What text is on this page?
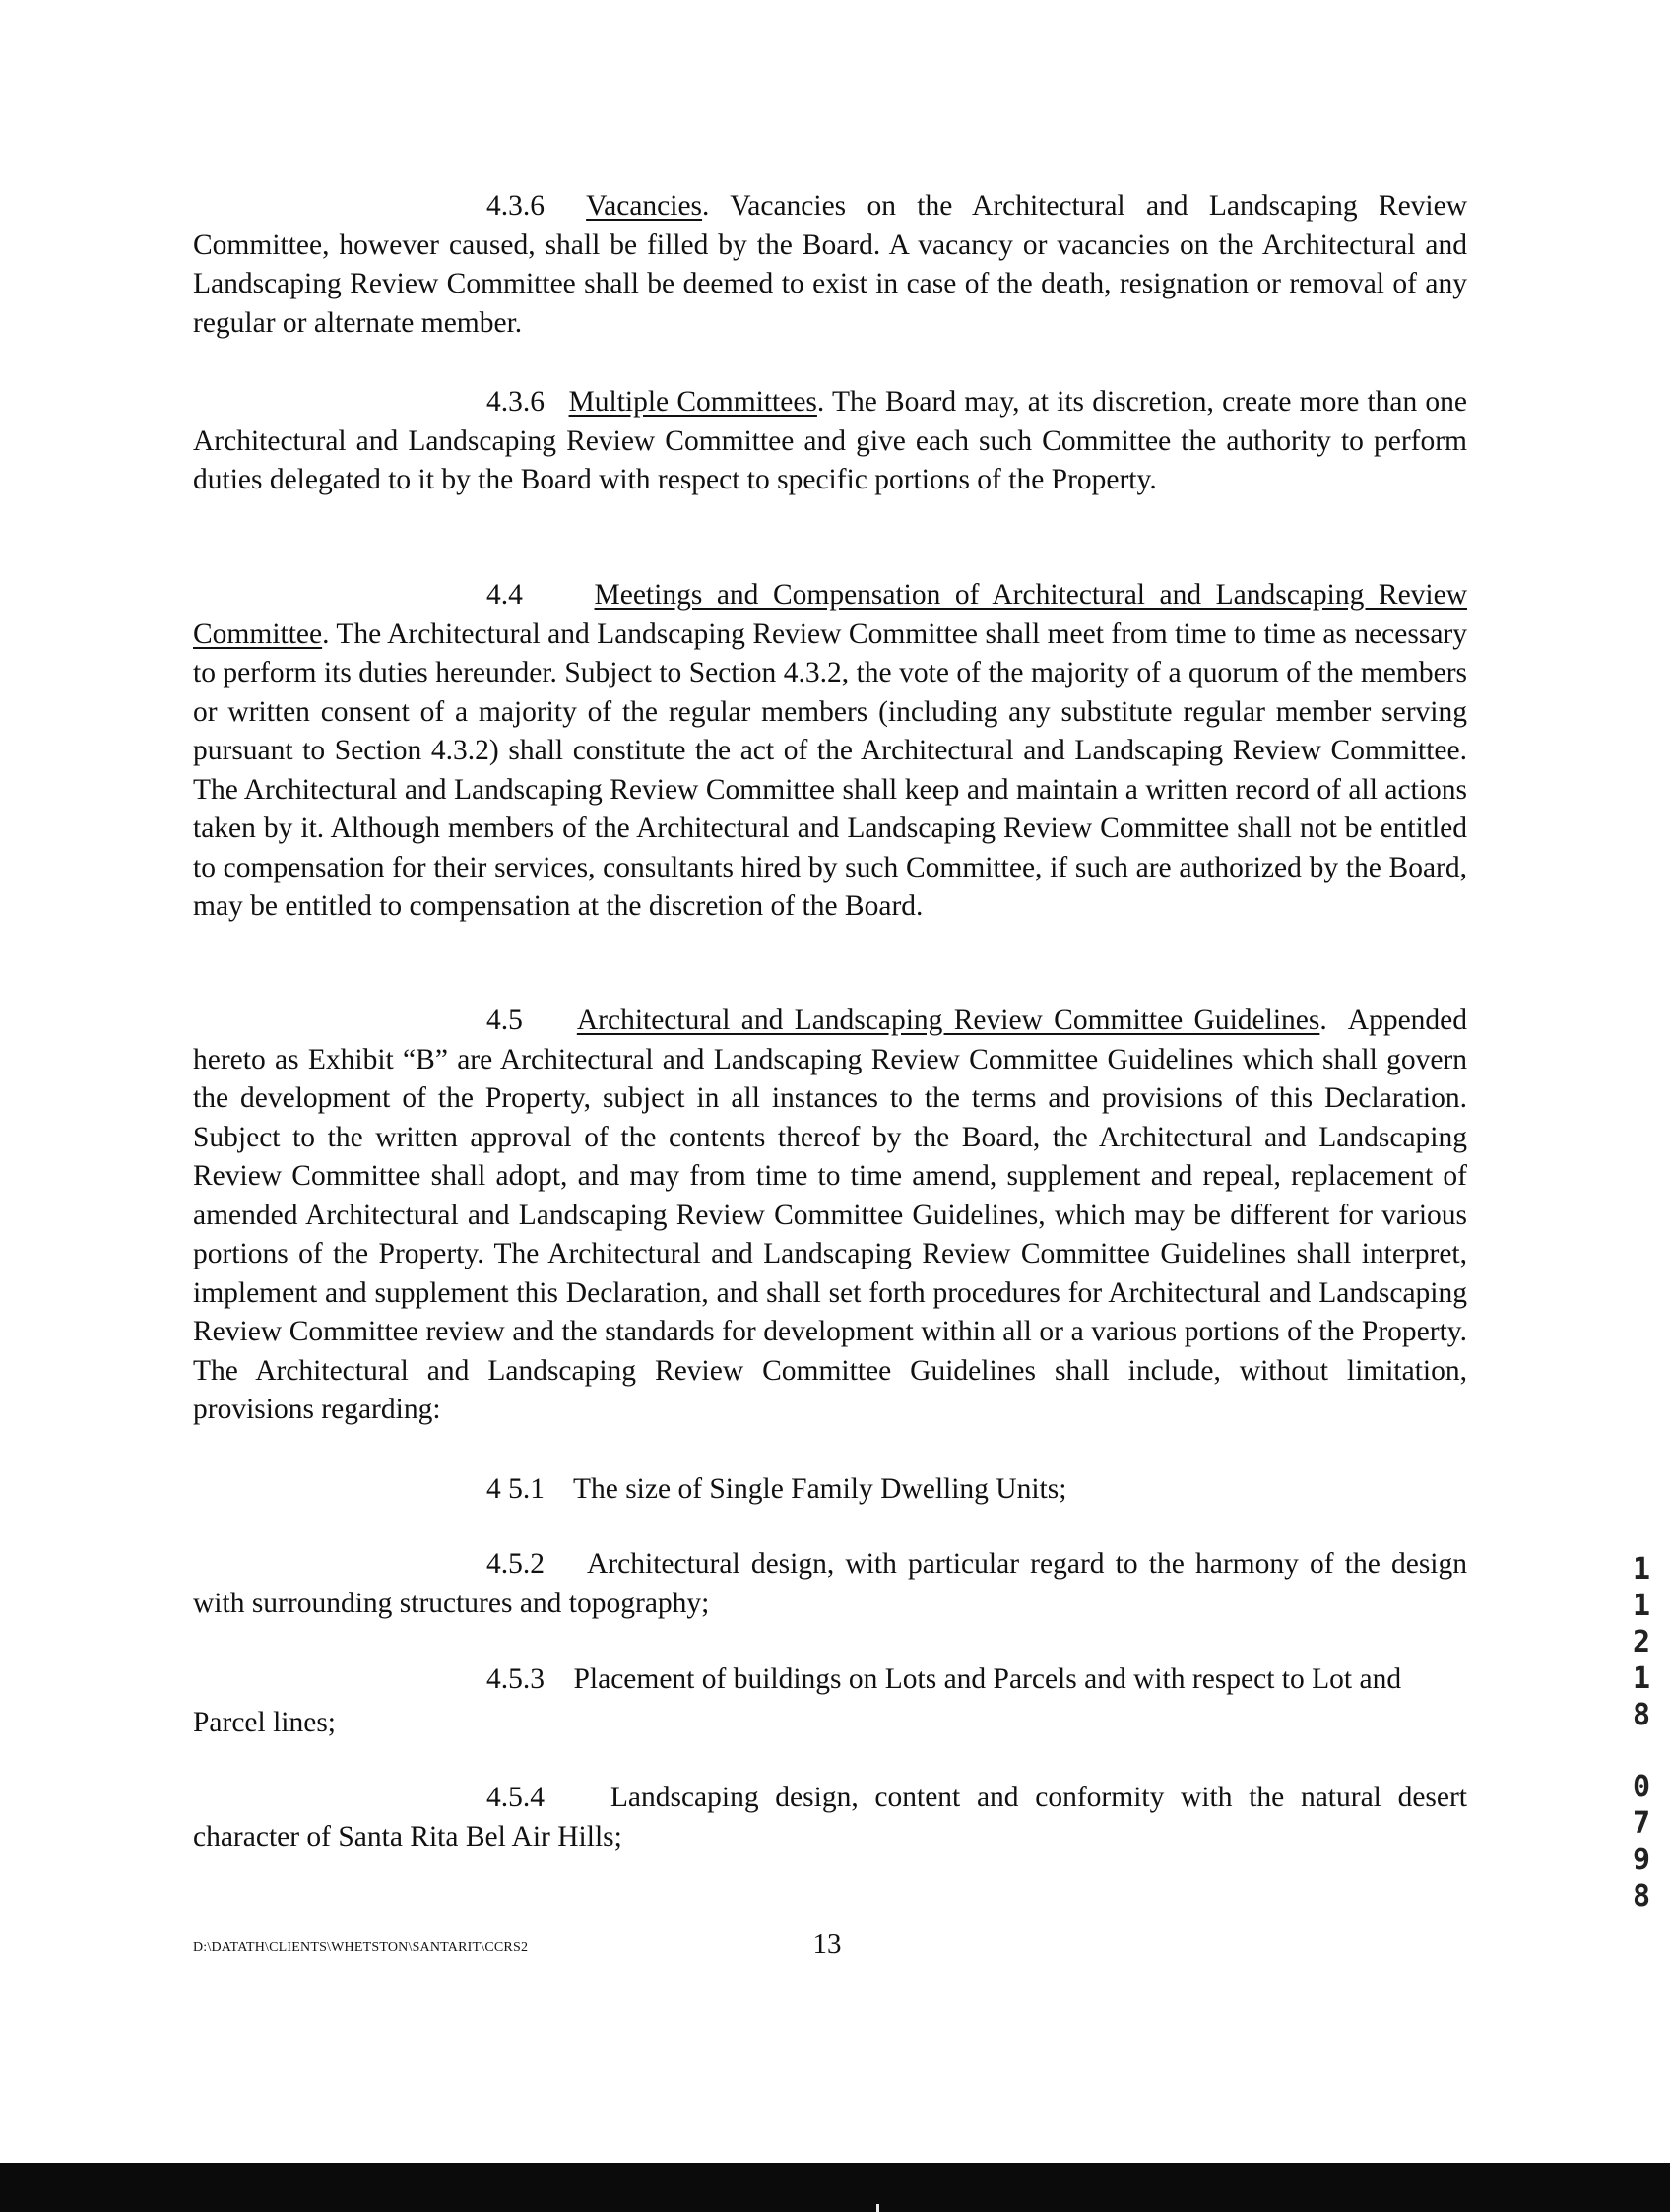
4.3.6 Vacancies. Vacancies on the Architectural and Landscaping Review Committee, however caused, shall be filled by the Board. A vacancy or vacancies on the Architectural and Landscaping Review Committee shall be deemed to exist in case of the death, resignation or removal of any regular or alternate member.

4.3.6 Multiple Committees. The Board may, at its discretion, create more than one Architectural and Landscaping Review Committee and give each such Committee the authority to perform duties delegated to it by the Board with respect to specific portions of the Property.

4.4 Meetings and Compensation of Architectural and Landscaping Review Committee. The Architectural and Landscaping Review Committee shall meet from time to time as necessary to perform its duties hereunder. Subject to Section 4.3.2, the vote of the majority of a quorum of the members or written consent of a majority of the regular members (including any substitute regular member serving pursuant to Section 4.3.2) shall constitute the act of the Architectural and Landscaping Review Committee. The Architectural and Landscaping Review Committee shall keep and maintain a written record of all actions taken by it. Although members of the Architectural and Landscaping Review Committee shall not be entitled to compensation for their services, consultants hired by such Committee, if such are authorized by the Board, may be entitled to compensation at the discretion of the Board.

4.5 Architectural and Landscaping Review Committee Guidelines.  Appended hereto as Exhibit “B” are Architectural and Landscaping Review Committee Guidelines which shall govern the development of the Property, subject in all instances to the terms and provisions of this Declaration. Subject to the written approval of the contents thereof by the Board, the Architectural and Landscaping Review Committee shall adopt, and may from time to time amend, supplement and repeal, replacement of amended Architectural and Landscaping Review Committee Guidelines, which may be different for various portions of the Property. The Architectural and Landscaping Review Committee Guidelines shall interpret, implement and supplement this Declaration, and shall set forth procedures for Architectural and Landscaping Review Committee review and the standards for development within all or a various portions of the Property. The Architectural and Landscaping Review Committee Guidelines shall include, without limitation, provisions regarding:

4 5.1 The size of Single Family Dwelling Units;

4.5.2 Architectural design, with particular regard to the harmony of the design with surrounding structures and topography;

4.5.3 Placement of buildings on Lots and Parcels and with respect to Lot and

Parcel lines;

4.5.4 Landscaping design, content and conformity with the natural desert character of Santa Rita Bel Air Hills;

D:\DATATH\CLIENTS\WHETSTON\SANTARIT\CCRS2	13
1
1
2
1
8
0
7
9
8
